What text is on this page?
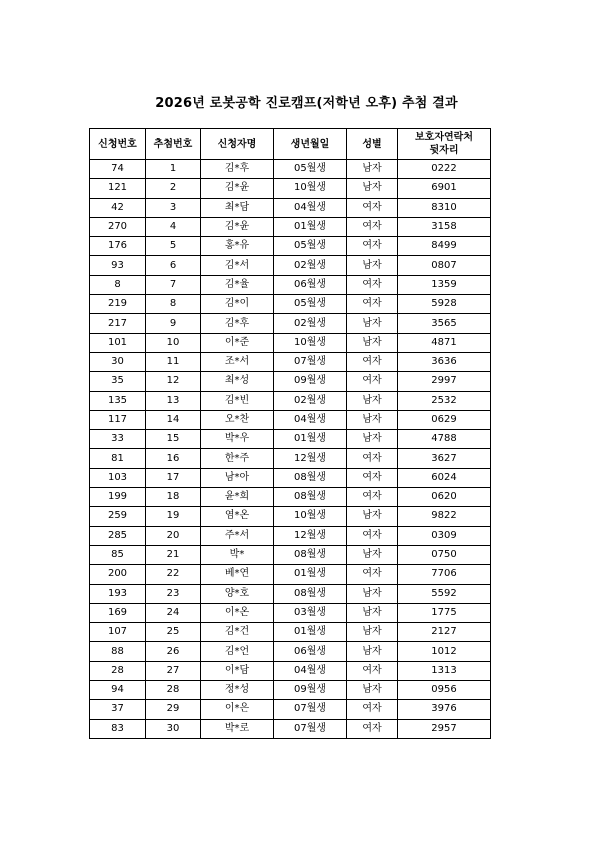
2026년 로봇공학 진로캠프(저학년 오후) 추첨 결과
신청번호	추첨번호	신청자명	생년월일	성별	보호자연락처
뒷자리

74	1	김*후	05월생	남자	0222
121	2	김*윤	10월생	남자	6901
42	3	최*담	04월생	여자	8310
270	4	김*윤	01월생	여자	3158
176	5	홍*유	05월생	여자	8499
93	6	김*서	02월생	남자	0807
8	7	김*율	06월생	여자	1359
219	8	김*이	05월생	여자	5928
217	9	김*후	02월생	남자	3565
101	10	이*준	10월생	남자	4871
30	11	조*서	07월생	여자	3636
35	12	최*성	09월생	여자	2997
135	13	김*빈	02월생	남자	2532
117	14	오*찬	04월생	남자	0629
33	15	박*우	01월생	남자	4788
81	16	한*주	12월생	여자	3627
103	17	남*아	08월생	여자	6024
199	18	윤*희	08월생	여자	0620
259	19	염*온	10월생	남자	9822
285	20	주*서	12월생	여자	0309
85	21	박*	08월생	남자	0750
200	22	베*연	01월생	여자	7706
193	23	양*호	08월생	남자	5592
169	24	이*온	03월생	남자	1775
107	25	김*건	01월생	남자	2127
88	26	김*언	06월생	남자	1012
28	27	이*담	04월생	여자	1313
94	28	정*성	09월생	남자	0956
37	29	이*은	07월생	여자	3976
83	30	박*로	07월생	여자	2957
